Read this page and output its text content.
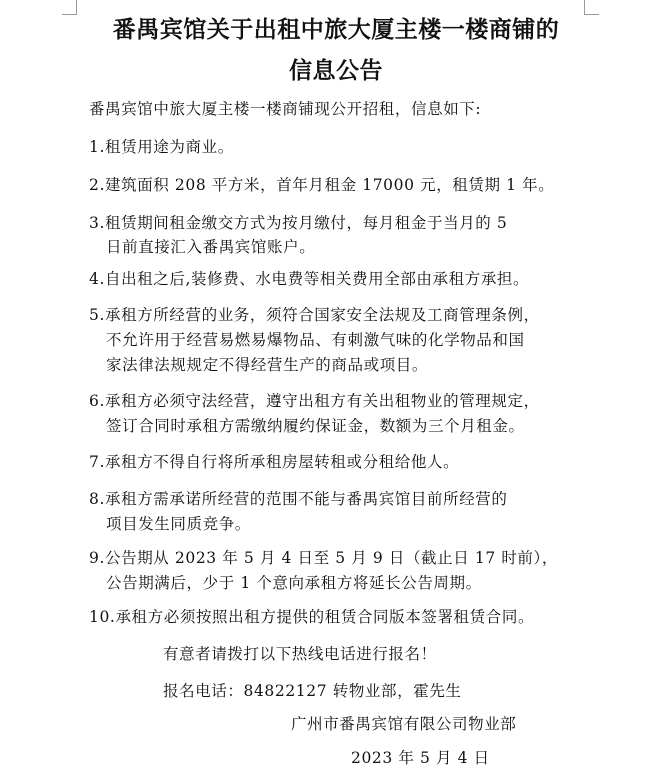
番禺宾馆关于出租中旅大厦主楼一楼商铺的
信息公告

番禺宾馆中旅大厦主楼一楼商铺现公开招租，信息如下:

1.租赁用途为商业。

2.建筑面积 208 平方米，首年月租金 17000 元，租赁期 1 年。

3.租赁期间租金缴交方式为按月缴付，每月租金于当月的 5

日前直接汇入番禺宾馆账户。

4.自出租之后,装修费、水电费等相关费用全部由承租方承担。

5.承租方所经营的业务，须符合国家安全法规及工商管理条例，

不允许用于经营易燃易爆物品、有刺激气味的化学物品和国

家法律法规规定不得经营生产的商品或项目。

6.承租方必须守法经营，遵守出租方有关出租物业的管理规定，

签订合同时承租方需缴纳履约保证金，数额为三个月租金。

7.承租方不得自行将所承租房屋转租或分租给他人。

8.承租方需承诺所经营的范围不能与番禺宾馆目前所经营的

项目发生同质竞争。

9.公告期从 2023 年 5 月 4 日至 5 月 9 日（截止日 17 时前），

公告期满后，少于 1 个意向承租方将延长公告周期。

10.承租方必须按照出租方提供的租赁合同版本签署租赁合同。

有意者请拨打以下热线电话进行报名！

报名电话：84822127 转物业部，霍先生

广州市番禺宾馆有限公司物业部

2023 年 5 月 4 日
